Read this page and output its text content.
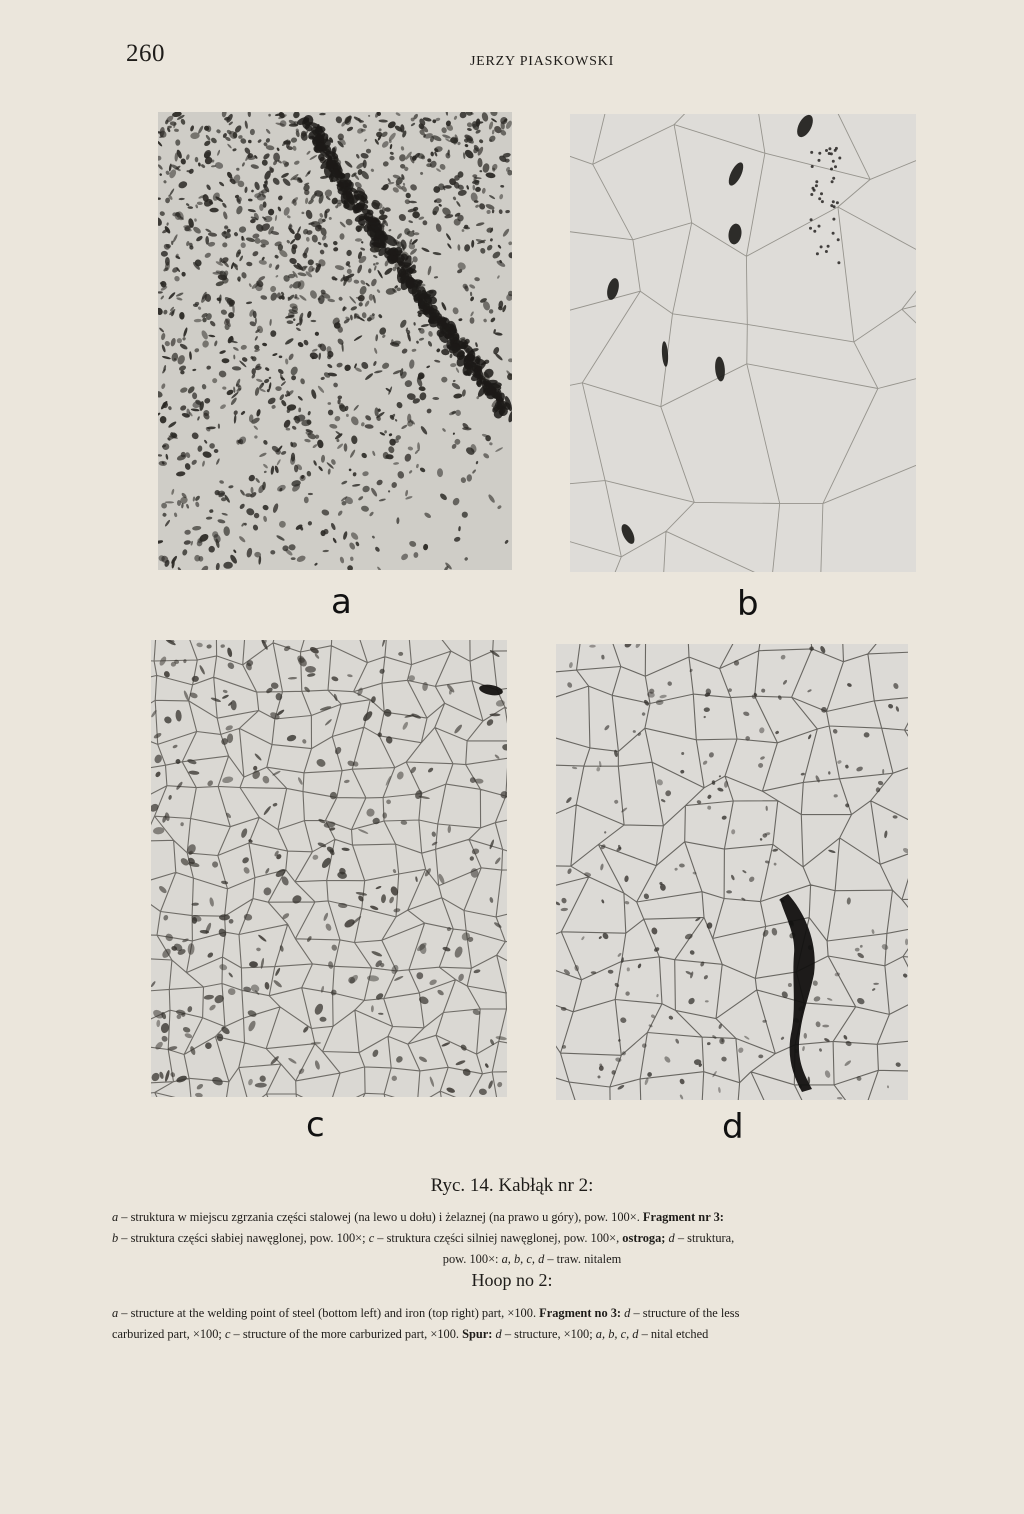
260	JERZY PIASKOWSKI
a	b
c	d
Ryc. 14. Kabłąk nr 2:
a – struktura w miejscu zgrzania części stalowej (na lewo u dołu) i żelaznej (na prawo u góry), pow. 100×. Fragment nr 3:
b – struktura części słabiej nawęglonej, pow. 100×; c – struktura części silniej nawęglonej, pow. 100×, ostroga; d – struktura,
pow. 100×: a, b, c, d – traw. nitalem
Hoop no 2:
a – structure at the welding point of steel (bottom left) and iron (top right) part, ×100. Fragment no 3: d – structure of the less
carburized part, ×100; c – structure of the more carburized part, ×100. Spur: d – structure, ×100; a, b, c, d – nital etched
